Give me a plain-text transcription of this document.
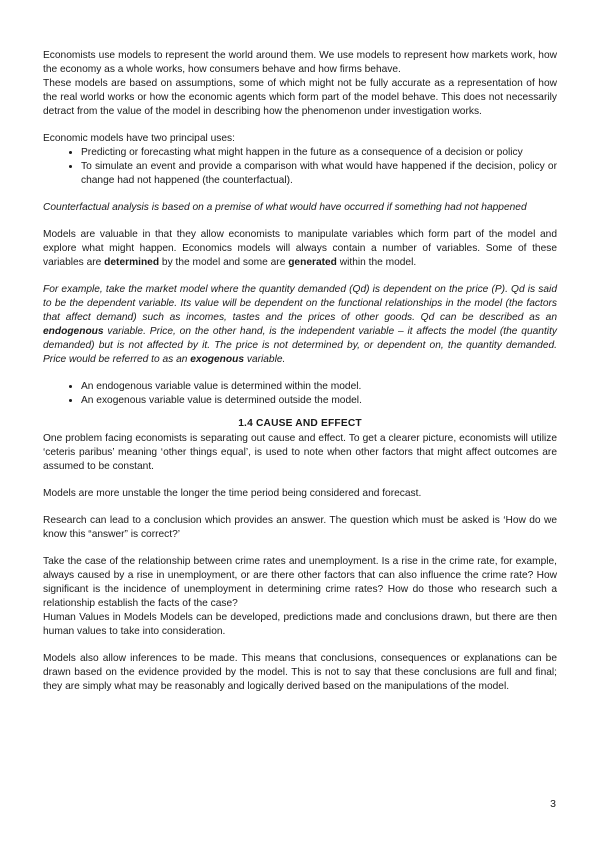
Economists use models to represent the world around them. We use models to represent how markets work, how the economy as a whole works, how consumers behave and how firms behave.

These models are based on assumptions, some of which might not be fully accurate as a representation of how the real world works or how the economic agents which form part of the model behave. This does not necessarily detract from the value of the model in describing how the phenomenon under investigation works.

Economic models have two principal uses:

• Predicting or forecasting what might happen in the future as a consequence of a decision or policy
• To simulate an event and provide a comparison with what would have happened if the decision, policy or change had not happened (the counterfactual).

Counterfactual analysis is based on a premise of what would have occurred if something had not happened

Models are valuable in that they allow economists to manipulate variables which form part of the model and explore what might happen. Economics models will always contain a number of variables. Some of these variables are determined by the model and some are generated within the model.

For example, take the market model where the quantity demanded (Qd) is dependent on the price (P). Qd is said to be the dependent variable. Its value will be dependent on the functional relationships in the model (the factors that affect demand) such as incomes, tastes and the prices of other goods. Qd can be described as an endogenous variable. Price, on the other hand, is the independent variable – it affects the model (the quantity demanded) but is not affected by it. The price is not determined by, or dependent on, the quantity demanded. Price would be referred to as an exogenous variable.

• An endogenous variable value is determined within the model.
• An exogenous variable value is determined outside the model.

1.4 CAUSE AND EFFECT

One problem facing economists is separating out cause and effect. To get a clearer picture, economists will utilize ‘ceteris paribus’ meaning ‘other things equal’, is used to note when other factors that might affect outcomes are assumed to be constant.

Models are more unstable the longer the time period being considered and forecast.

Research can lead to a conclusion which provides an answer. The question which must be asked is ‘How do we know this “answer” is correct?’

Take the case of the relationship between crime rates and unemployment. Is a rise in the crime rate, for example, always caused by a rise in unemployment, or are there other factors that can also influence the crime rate? How significant is the incidence of unemployment in determining crime rates? How do those who research such a relationship establish the facts of the case?

Human Values in Models Models can be developed, predictions made and conclusions drawn, but there are then human values to take into consideration.

Models also allow inferences to be made. This means that conclusions, consequences or explanations can be drawn based on the evidence provided by the model. This is not to say that these conclusions are full and final; they are simply what may be reasonably and logically derived based on the manipulations of the model.

3
